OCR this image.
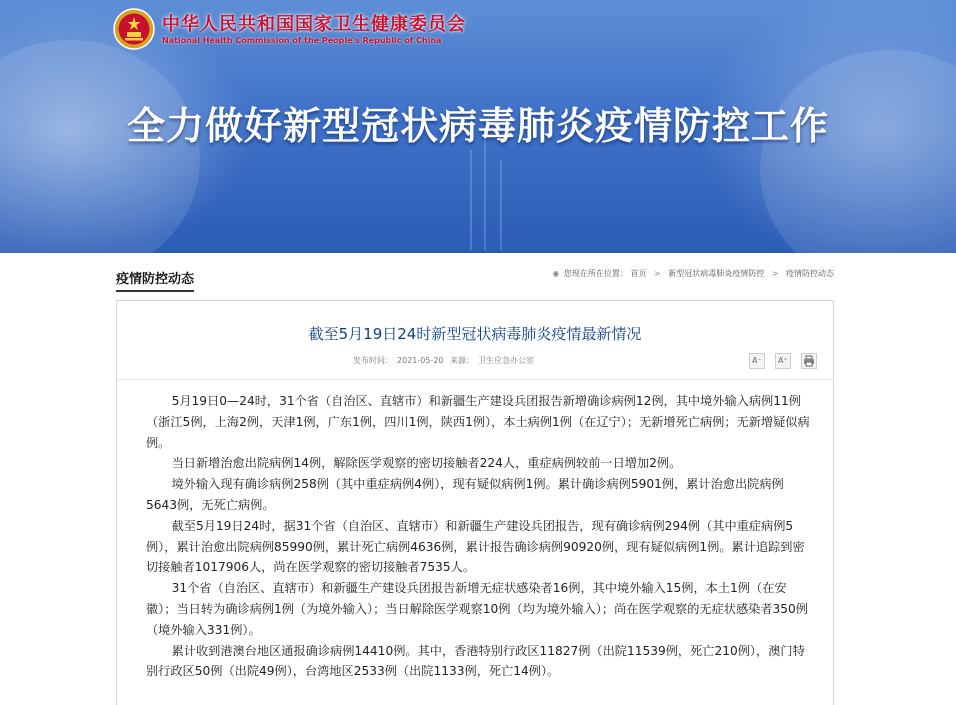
中华人民共和国国家卫生健康委员会
National Health Commission of the People's Republic of China
全力做好新型冠状病毒肺炎疫情防控工作
疫情防控动态	◉ 您现在所在位置： 首页 > 新型冠状病毒肺炎疫情防控 > 疫情防控动态
截至5月19日24时新型冠状病毒肺炎疫情最新情况
发布时间： 2021-05-20 来源： 卫生应急办公室	A⁻ A⁺

5月19日0—24时，31个省（自治区、直辖市）和新疆生产建设兵团报告新增确诊病例12例，其中境外输入病例11例（浙江5例，上海2例，天津1例，广东1例，四川1例，陕西1例），本土病例1例（在辽宁）；无新增死亡病例；无新增疑似病例。

当日新增治愈出院病例14例，解除医学观察的密切接触者224人，重症病例较前一日增加2例。

境外输入现有确诊病例258例（其中重症病例4例），现有疑似病例1例。累计确诊病例5901例，累计治愈出院病例5643例，无死亡病例。

截至5月19日24时，据31个省（自治区、直辖市）和新疆生产建设兵团报告，现有确诊病例294例（其中重症病例5例），累计治愈出院病例85990例，累计死亡病例4636例，累计报告确诊病例90920例，现有疑似病例1例。累计追踪到密切接触者1017906人，尚在医学观察的密切接触者7535人。

31个省（自治区、直辖市）和新疆生产建设兵团报告新增无症状感染者16例，其中境外输入15例，本土1例（在安徽）；当日转为确诊病例1例（为境外输入）；当日解除医学观察10例（均为境外输入）；尚在医学观察的无症状感染者350例（境外输入331例）。

累计收到港澳台地区通报确诊病例14410例。其中，香港特别行政区11827例（出院11539例，死亡210例），澳门特别行政区50例（出院49例），台湾地区2533例（出院1133例，死亡14例）。
